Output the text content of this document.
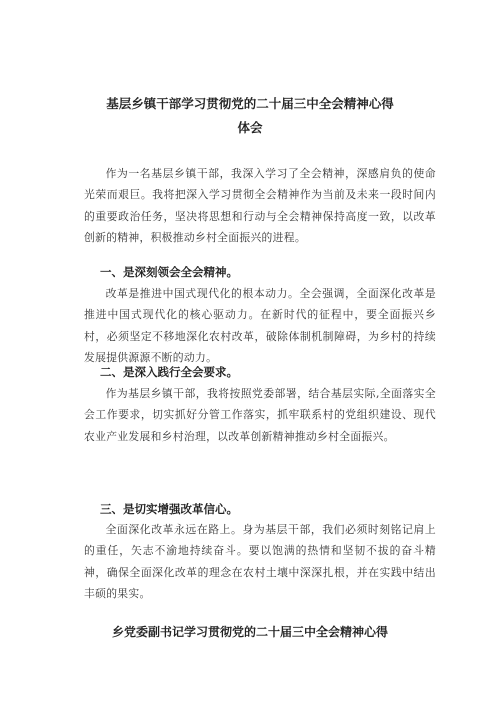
基层乡镇干部学习贯彻党的二十届三中全会精神心得
体会

作为一名基层乡镇干部，我深入学习了全会精神，深感肩负的使命光荣而艰巨。我将把深入学习贯彻全会精神作为当前及未来一段时间内的重要政治任务，坚决将思想和行动与全会精神保持高度一致，以改革创新的精神，积极推动乡村全面振兴的进程。

一、是深刻领会全会精神。

改革是推进中国式现代化的根本动力。全会强调，全面深化改革是推进中国式现代化的核心驱动力。在新时代的征程中，要全面振兴乡村，必须坚定不移地深化农村改革，破除体制机制障碍，为乡村的持续发展提供源源不断的动力。

二、是深入践行全会要求。

作为基层乡镇干部，我将按照党委部署，结合基层实际,全面落实全会工作要求，切实抓好分管工作落实，抓牢联系村的党组织建设、现代农业产业发展和乡村治理，以改革创新精神推动乡村全面振兴。

三、是切实增强改革信心。

全面深化改革永远在路上。身为基层干部，我们必须时刻铭记肩上的重任，矢志不渝地持续奋斗。要以饱满的热情和坚韧不拔的奋斗精神，确保全面深化改革的理念在农村土壤中深深扎根，并在实践中结出丰硕的果实。

乡党委副书记学习贯彻党的二十届三中全会精神心得
